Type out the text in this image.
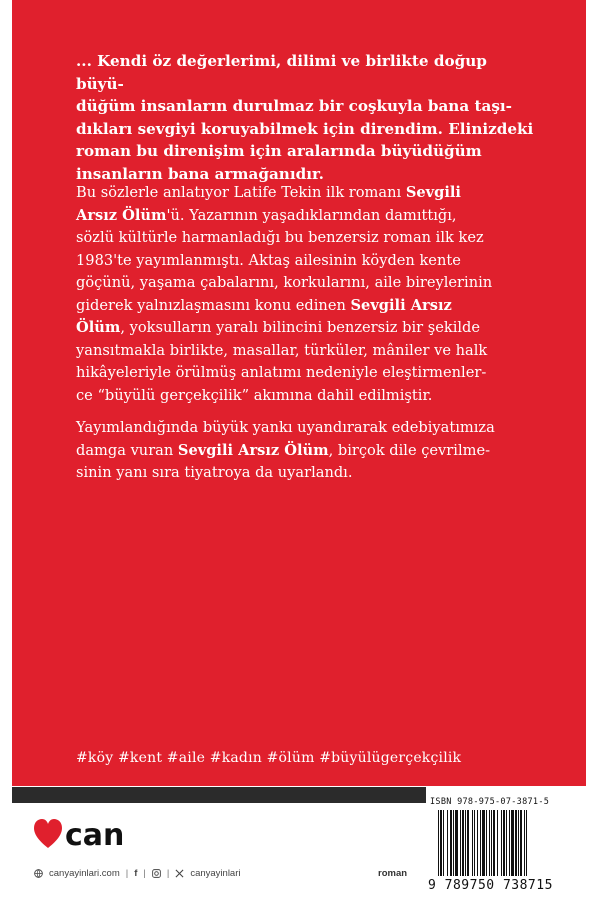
... Kendi öz değerlerimi, dilimi ve birlikte doğup büyü-
düğüm insanların durulmaz bir coşkuyla bana taşı-
dıkları sevgiyi koruyabilmek için direndim. Elinizdeki
roman bu direnişim için aralarında büyüdüğüm
insanların bana armağanıdır.
Bu sözlerle anlatıyor Latife Tekin ilk romanı Sevgili
Arsız Ölüm'ü. Yazarının yaşadıklarından damıttığı,
sözlü kültürle harmanladığı bu benzersiz roman ilk kez
1983'te yayımlanmıştı. Aktaş ailesinin köyden kente
göçünü, yaşama çabalarını, korkularını, aile bireylerinin
giderek yalnızlaşmasını konu edinen Sevgili Arsız
Ölüm, yoksulların yaralı bilincini benzersiz bir şekilde
yansıtmakla birlikte, masallar, türküler, mâniler ve halk
hikâyeleriyle örülmüş anlatımı nedeniyle eleştirmenler-
ce “büyülü gerçekçilik” akımına dahil edilmiştir.
Yayımlandığında büyük yankı uyandırarak edebiyatımıza
damga vuran Sevgili Arsız Ölüm, birçok dile çevrilme-
sinin yanı sıra tiyatroya da uyarlandı.
#köy #kent #aile #kadın #ölüm #büyülügerçekçilik
can
canyayinlari.com | f | | canyayinlari	roman
ISBN 978-975-07-3871-5
9 789750 738715
